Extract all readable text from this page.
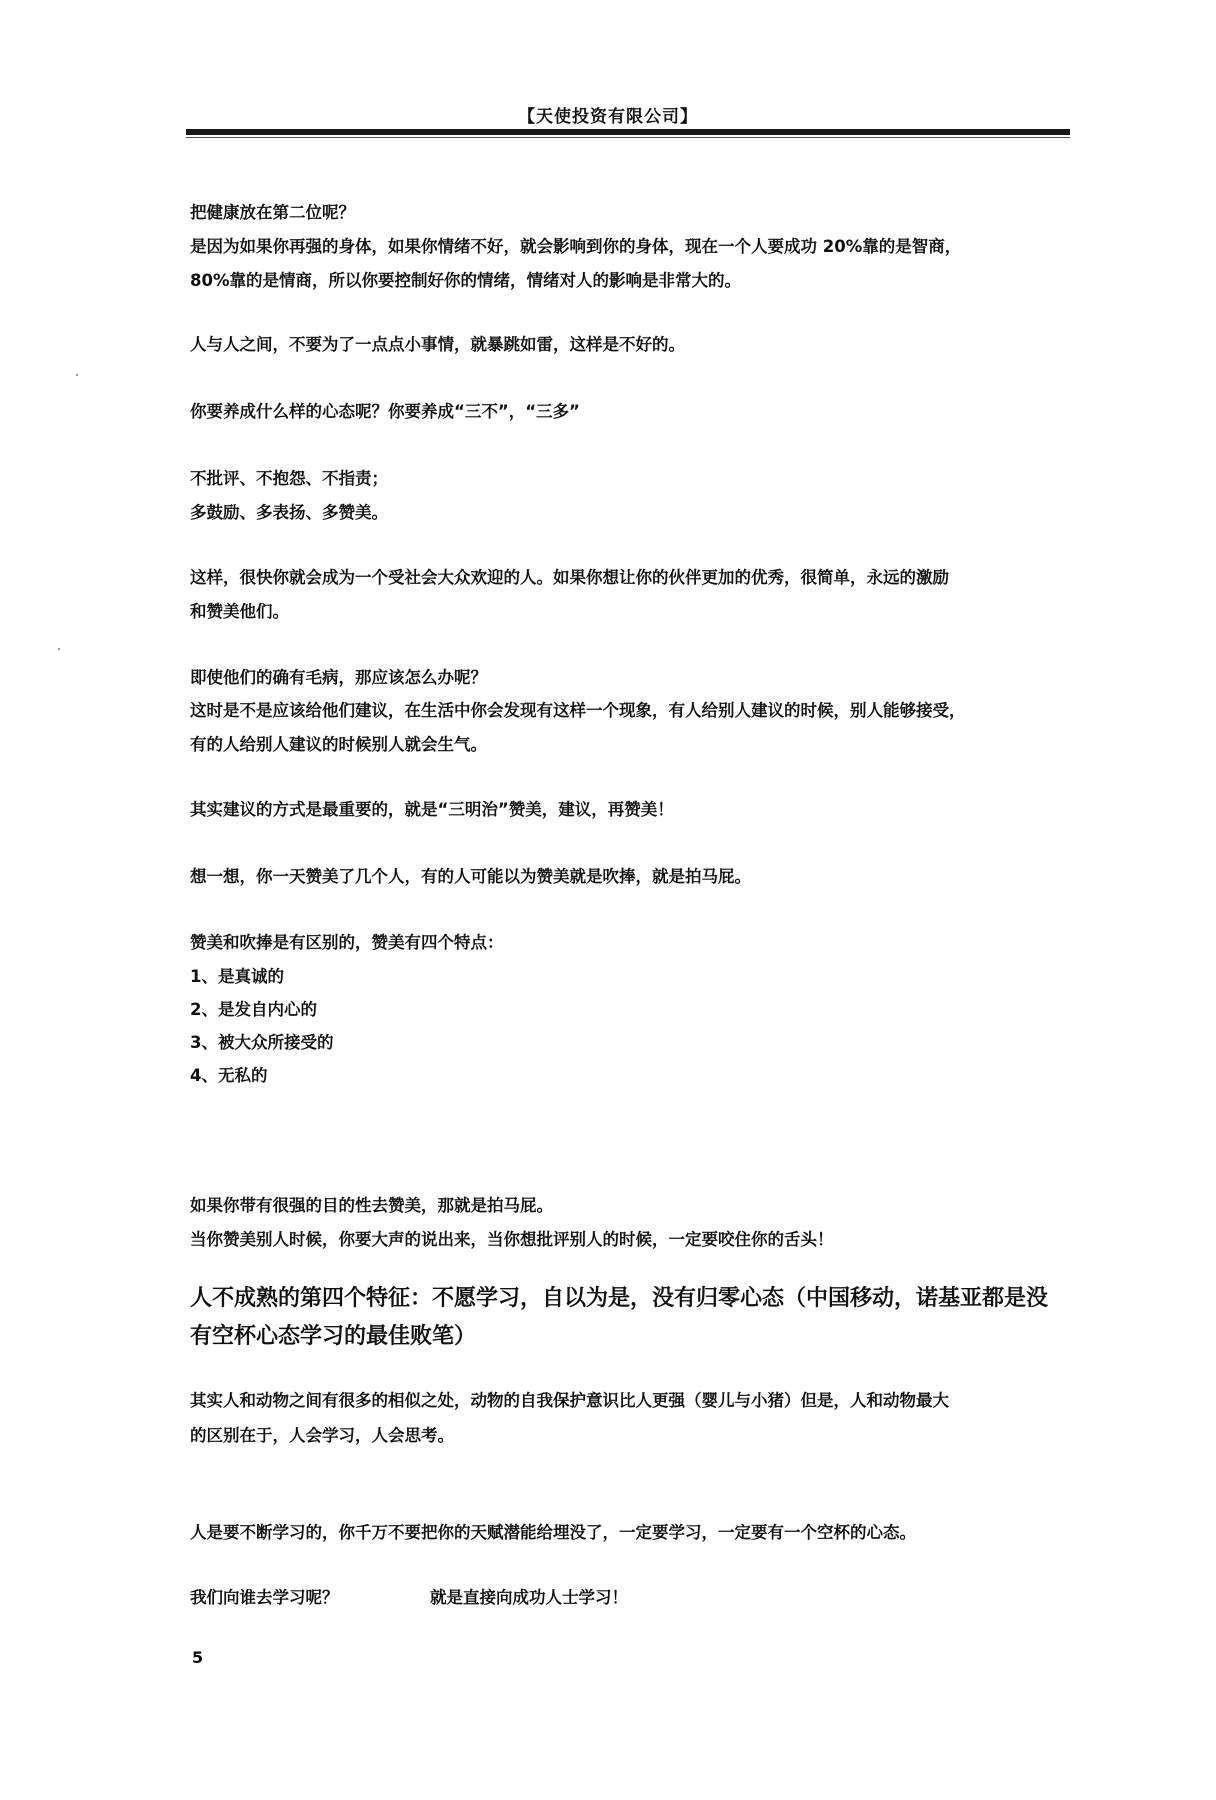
【天使投资有限公司】
把健康放在第二位呢？
是因为如果你再强的身体，如果你情绪不好，就会影响到你的身体，现在一个人要成功 20%靠的是智商，
80%靠的是情商，所以你要控制好你的情绪，情绪对人的影响是非常大的。
人与人之间，不要为了一点点小事情，就暴跳如雷，这样是不好的。
你要养成什么样的心态呢？你要养成“三不”，“三多”
不批评、不抱怨、不指责；
多鼓励、多表扬、多赞美。
这样，很快你就会成为一个受社会大众欢迎的人。如果你想让你的伙伴更加的优秀，很简单，永远的激励
和赞美他们。
即使他们的确有毛病，那应该怎么办呢？
这时是不是应该给他们建议，在生活中你会发现有这样一个现象，有人给别人建议的时候，别人能够接受，
有的人给别人建议的时候别人就会生气。
其实建议的方式是最重要的，就是“三明治”赞美，建议，再赞美！
想一想，你一天赞美了几个人，有的人可能以为赞美就是吹捧，就是拍马屁。
赞美和吹捧是有区别的，赞美有四个特点：
1、是真诚的
2、是发自内心的
3、被大众所接受的
4、无私的
如果你带有很强的目的性去赞美，那就是拍马屁。
当你赞美别人时候，你要大声的说出来，当你想批评别人的时候，一定要咬住你的舌头！
人不成熟的第四个特征：不愿学习，自以为是，没有归零心态（中国移动，诺基亚都是没
有空杯心态学习的最佳败笔）
其实人和动物之间有很多的相似之处，动物的自我保护意识比人更强（婴儿与小猪）但是，人和动物最大
的区别在于，人会学习，人会思考。
人是要不断学习的，你千万不要把你的天赋潜能给埋没了，一定要学习，一定要有一个空杯的心态。
我们向谁去学习呢？	就是直接向成功人士学习！
5
